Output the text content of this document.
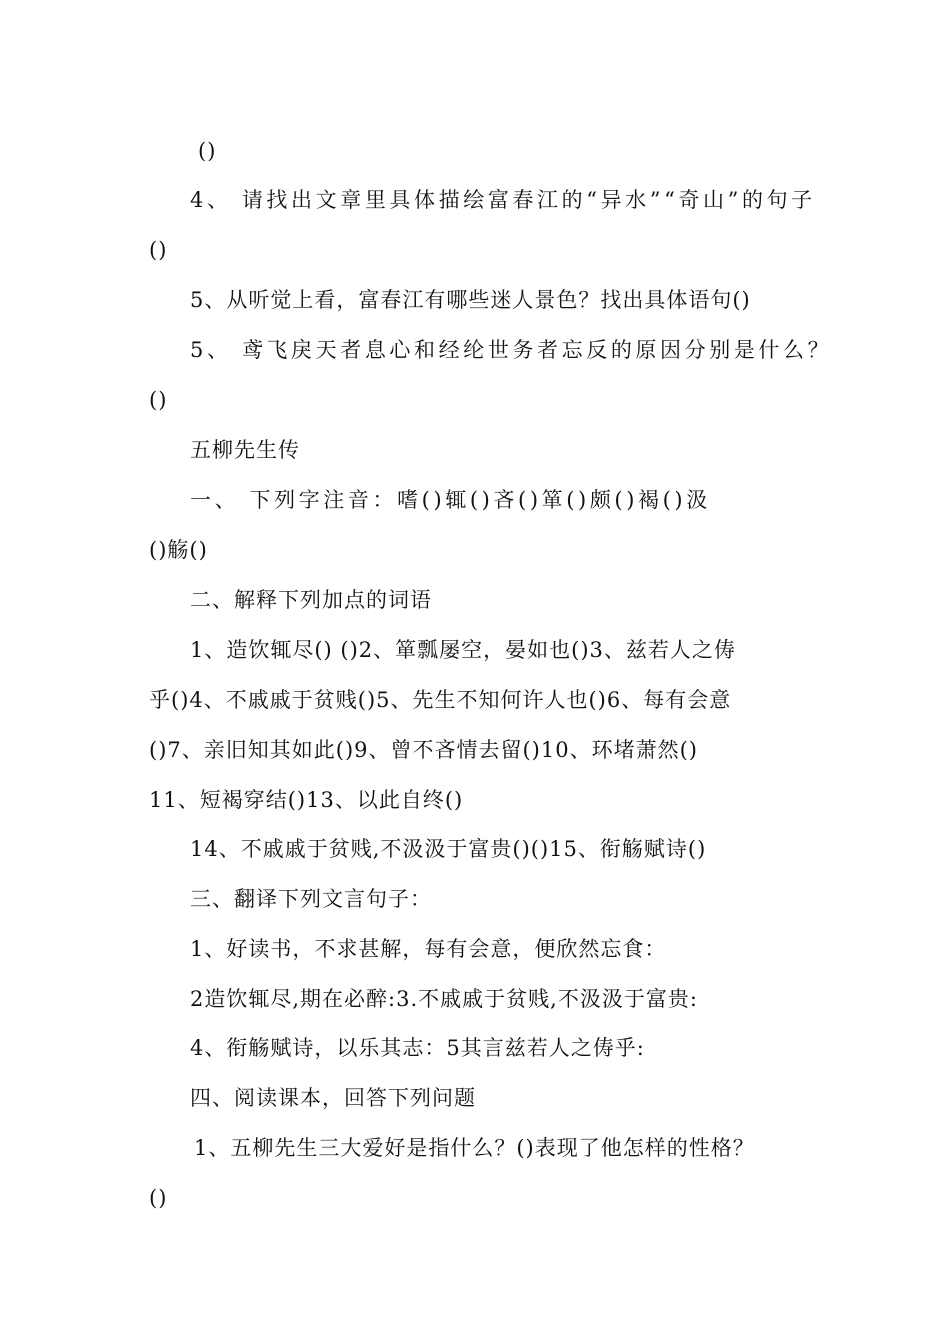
()
4、 请找出文章里具体描绘富春江的“异水”“奇山”的句子
()
5、从听觉上看，富春江有哪些迷人景色？找出具体语句()
5、 鸢飞戾天者息心和经纶世务者忘反的原因分别是什么？
()
五柳先生传
一、 下列字注音：嗜()辄()吝()箪()颇()褐()汲
()觞()
二、解释下列加点的词语
1、造饮辄尽() ()2、箪瓢屡空，晏如也()3、兹若人之俦
乎()4、不戚戚于贫贱()5、先生不知何许人也()6、每有会意
()7、亲旧知其如此()9、曾不吝情去留()10、环堵萧然()
11、短褐穿结()13、以此自终()
14、不戚戚于贫贱,不汲汲于富贵()()15、衔觞赋诗()
三、翻译下列文言句子：
1、好读书，不求甚解，每有会意，便欣然忘食：
2造饮辄尽,期在必醉:3.不戚戚于贫贱,不汲汲于富贵:
4、衔觞赋诗，以乐其志：5其言兹若人之俦乎:
四、阅读课本，回答下列问题
1、五柳先生三大爱好是指什么？()表现了他怎样的性格？
()
